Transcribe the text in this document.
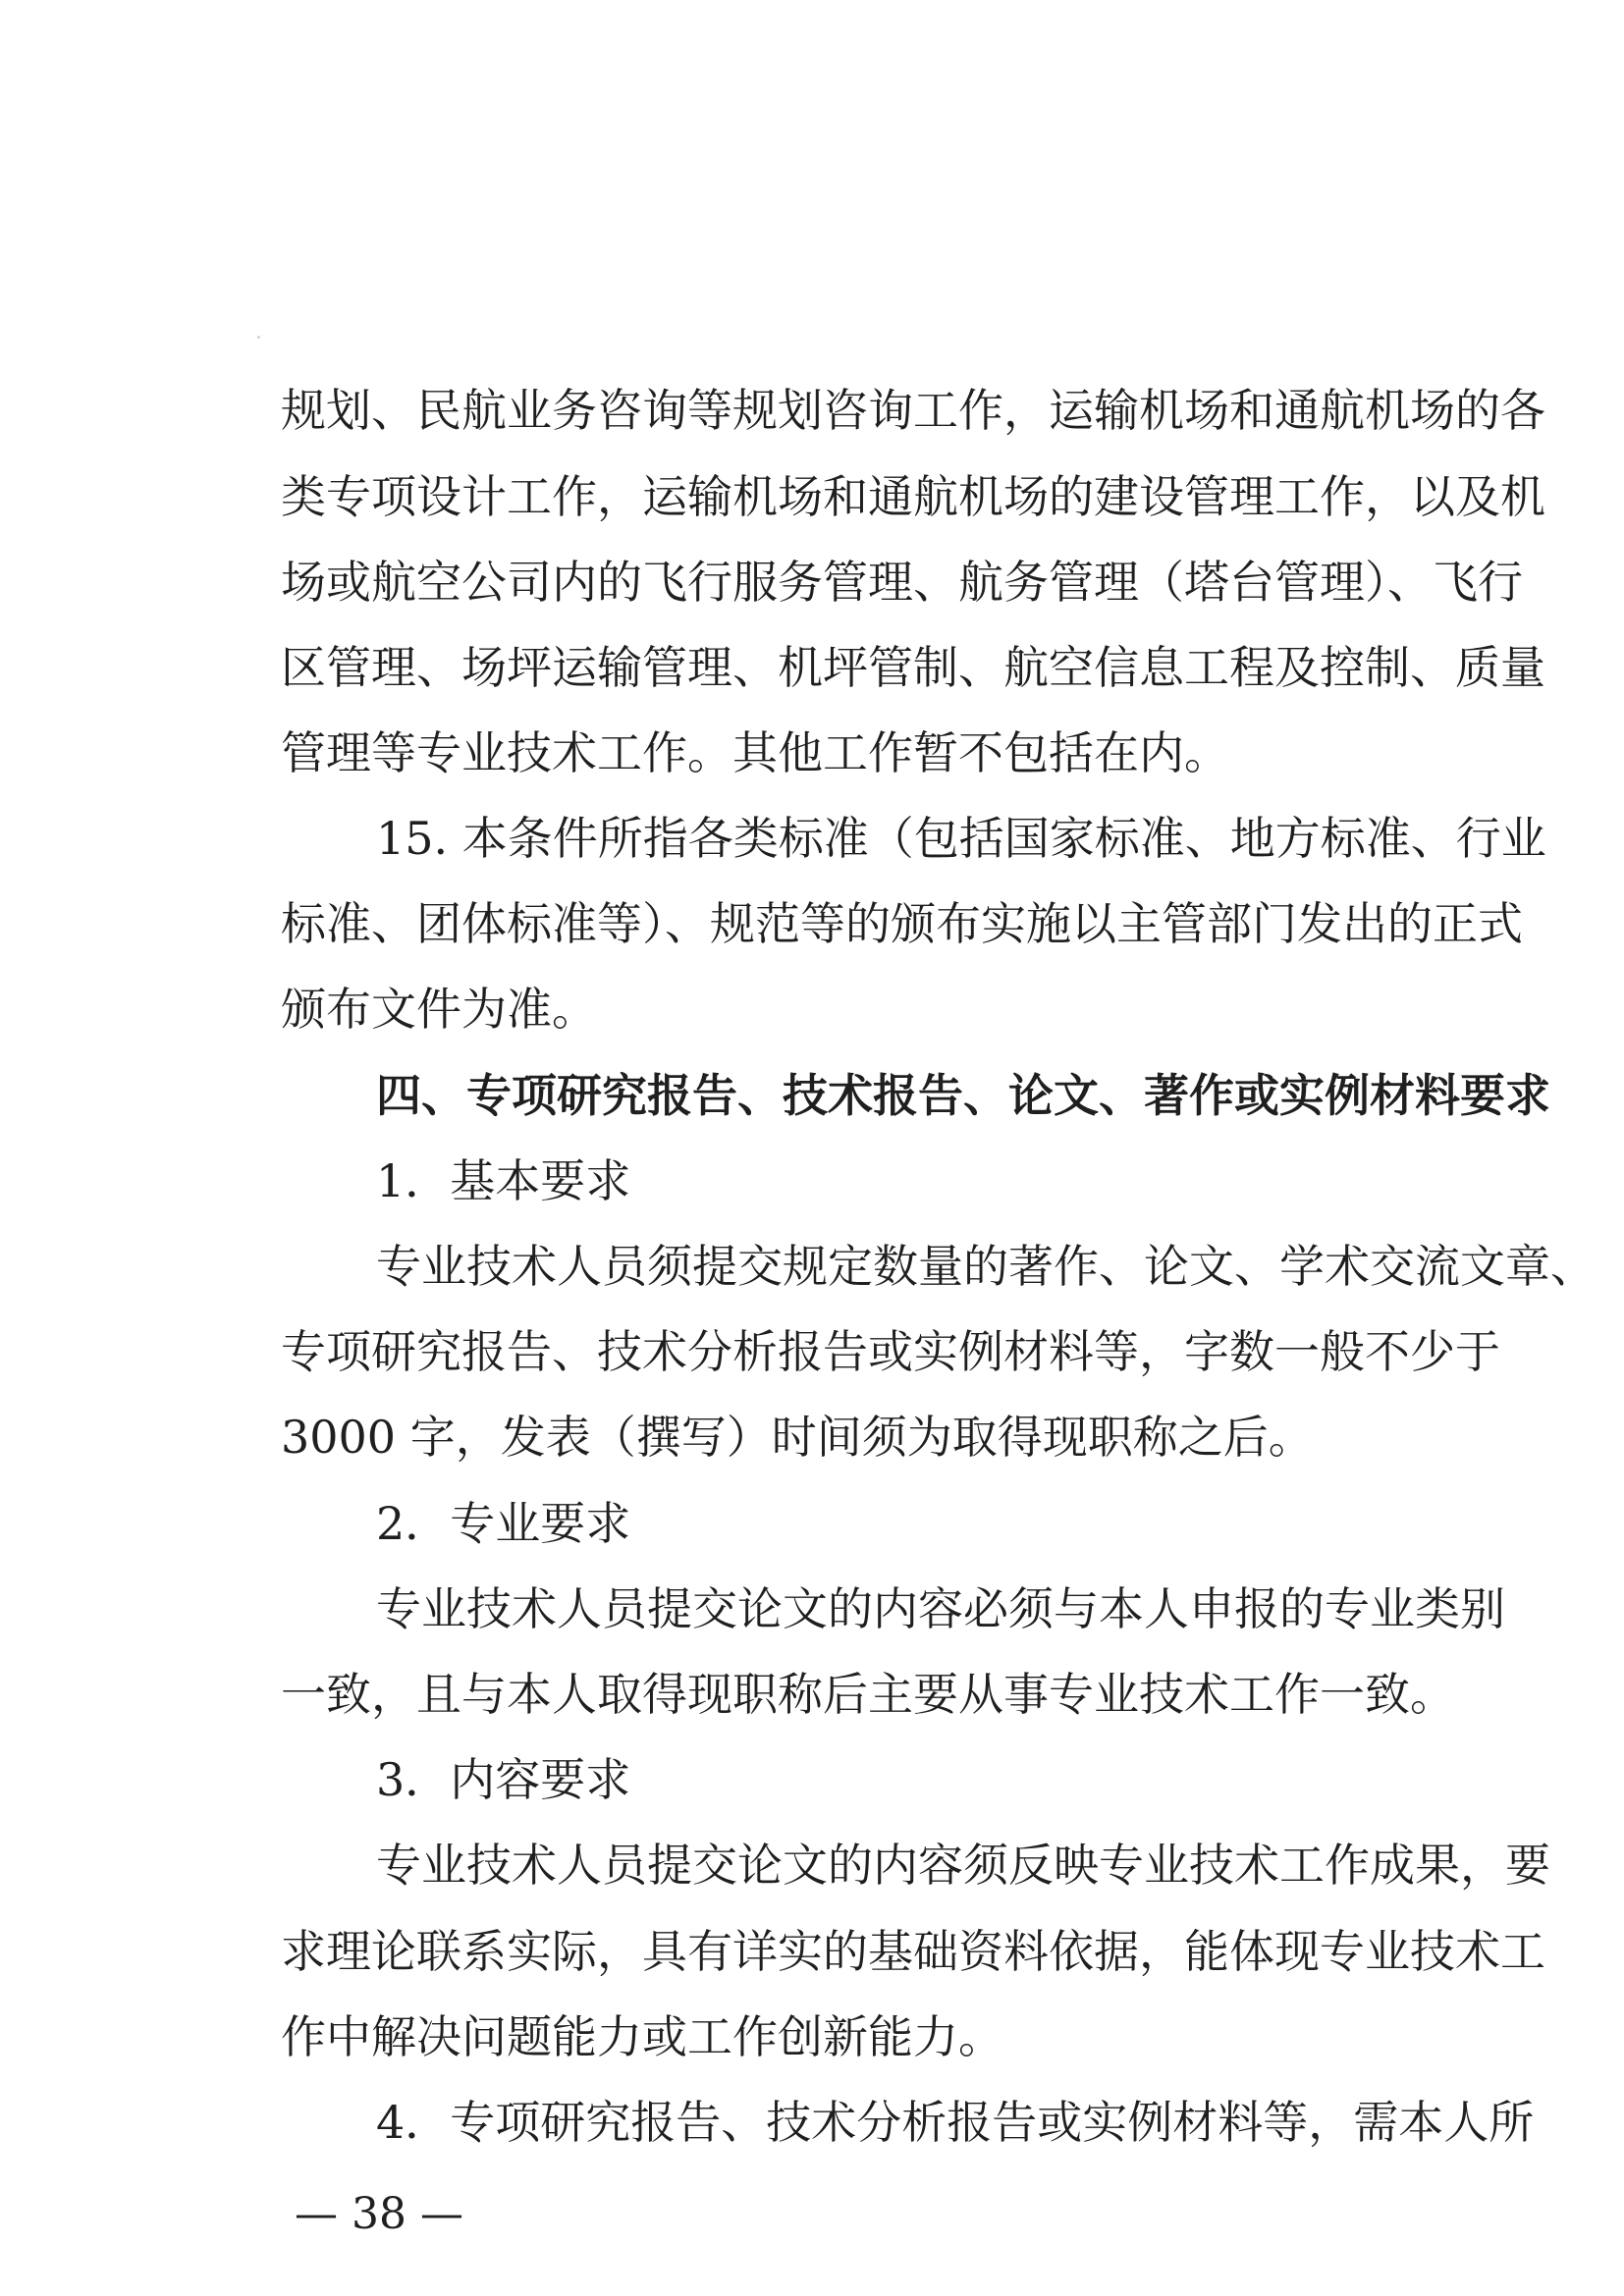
规划、民航业务咨询等规划咨询工作，运输机场和通航机场的各
类专项设计工作，运输机场和通航机场的建设管理工作，以及机
场或航空公司内的飞行服务管理、航务管理（塔台管理）、飞行
区管理、场坪运输管理、机坪管制、航空信息工程及控制、质量
管理等专业技术工作。其他工作暂不包括在内。
15. 本条件所指各类标准（包括国家标准、地方标准、行业
标准、团体标准等）、规范等的颁布实施以主管部门发出的正式
颁布文件为准。
四、专项研究报告、技术报告、论文、著作或实例材料要求
1．基本要求
专业技术人员须提交规定数量的著作、论文、学术交流文章、
专项研究报告、技术分析报告或实例材料等，字数一般不少于
3000 字，发表（撰写）时间须为取得现职称之后。
2．专业要求
专业技术人员提交论文的内容必须与本人申报的专业类别
一致，且与本人取得现职称后主要从事专业技术工作一致。
3．内容要求
专业技术人员提交论文的内容须反映专业技术工作成果，要
求理论联系实际，具有详实的基础资料依据，能体现专业技术工
作中解决问题能力或工作创新能力。
4．专项研究报告、技术分析报告或实例材料等，需本人所
— 38 —
